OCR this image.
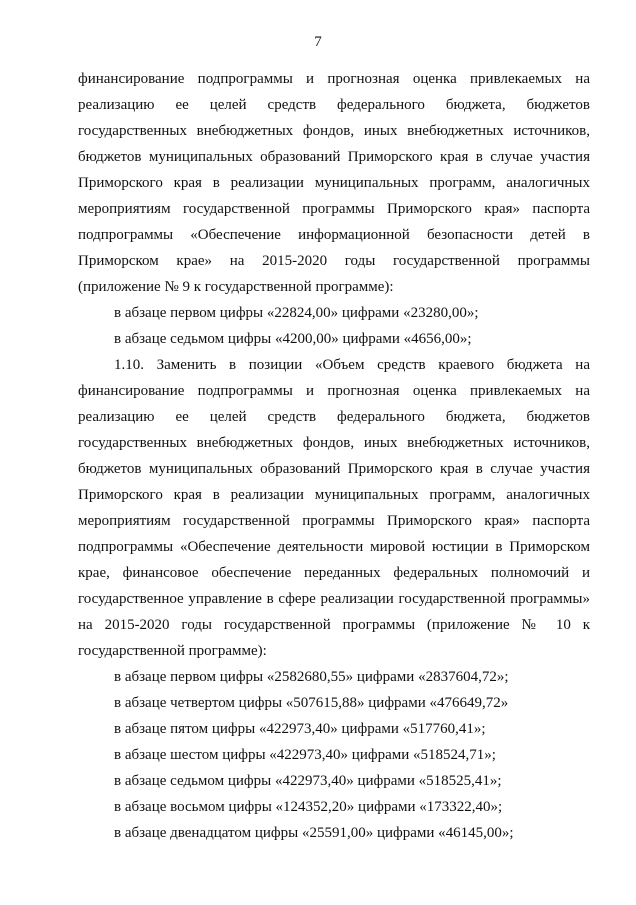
7
финансирование подпрограммы и прогнозная оценка привлекаемых на
реализацию ее целей средств федерального бюджета, бюджетов
государственных внебюджетных фондов, иных внебюджетных источников,
бюджетов муниципальных образований Приморского края в случае участия
Приморского края в реализации муниципальных программ, аналогичных
мероприятиям государственной программы Приморского края» паспорта
подпрограммы «Обеспечение информационной безопасности детей в
Приморском крае» на 2015-2020 годы государственной программы
(приложение № 9 к государственной программе):
в абзаце первом цифры «22824,00» цифрами «23280,00»;
в абзаце седьмом цифры «4200,00» цифрами «4656,00»;
1.10. Заменить в позиции «Объем средств краевого бюджета на
финансирование подпрограммы и прогнозная оценка привлекаемых на
реализацию ее целей средств федерального бюджета, бюджетов
государственных внебюджетных фондов, иных внебюджетных источников,
бюджетов муниципальных образований Приморского края в случае участия
Приморского края в реализации муниципальных программ, аналогичных
мероприятиям государственной программы Приморского края» паспорта
подпрограммы «Обеспечение деятельности мировой юстиции в Приморском
крае, финансовое обеспечение переданных федеральных полномочий и
государственное управление в сфере реализации государственной программы»
на 2015-2020 годы государственной программы (приложение № 10 к
государственной программе):
в абзаце первом цифры «2582680,55» цифрами «2837604,72»;
в абзаце четвертом цифры «507615,88» цифрами «476649,72»
в абзаце пятом цифры «422973,40» цифрами «517760,41»;
в абзаце шестом цифры «422973,40» цифрами «518524,71»;
в абзаце седьмом цифры «422973,40» цифрами «518525,41»;
в абзаце восьмом цифры «124352,20» цифрами «173322,40»;
в абзаце двенадцатом цифры «25591,00» цифрами «46145,00»;
